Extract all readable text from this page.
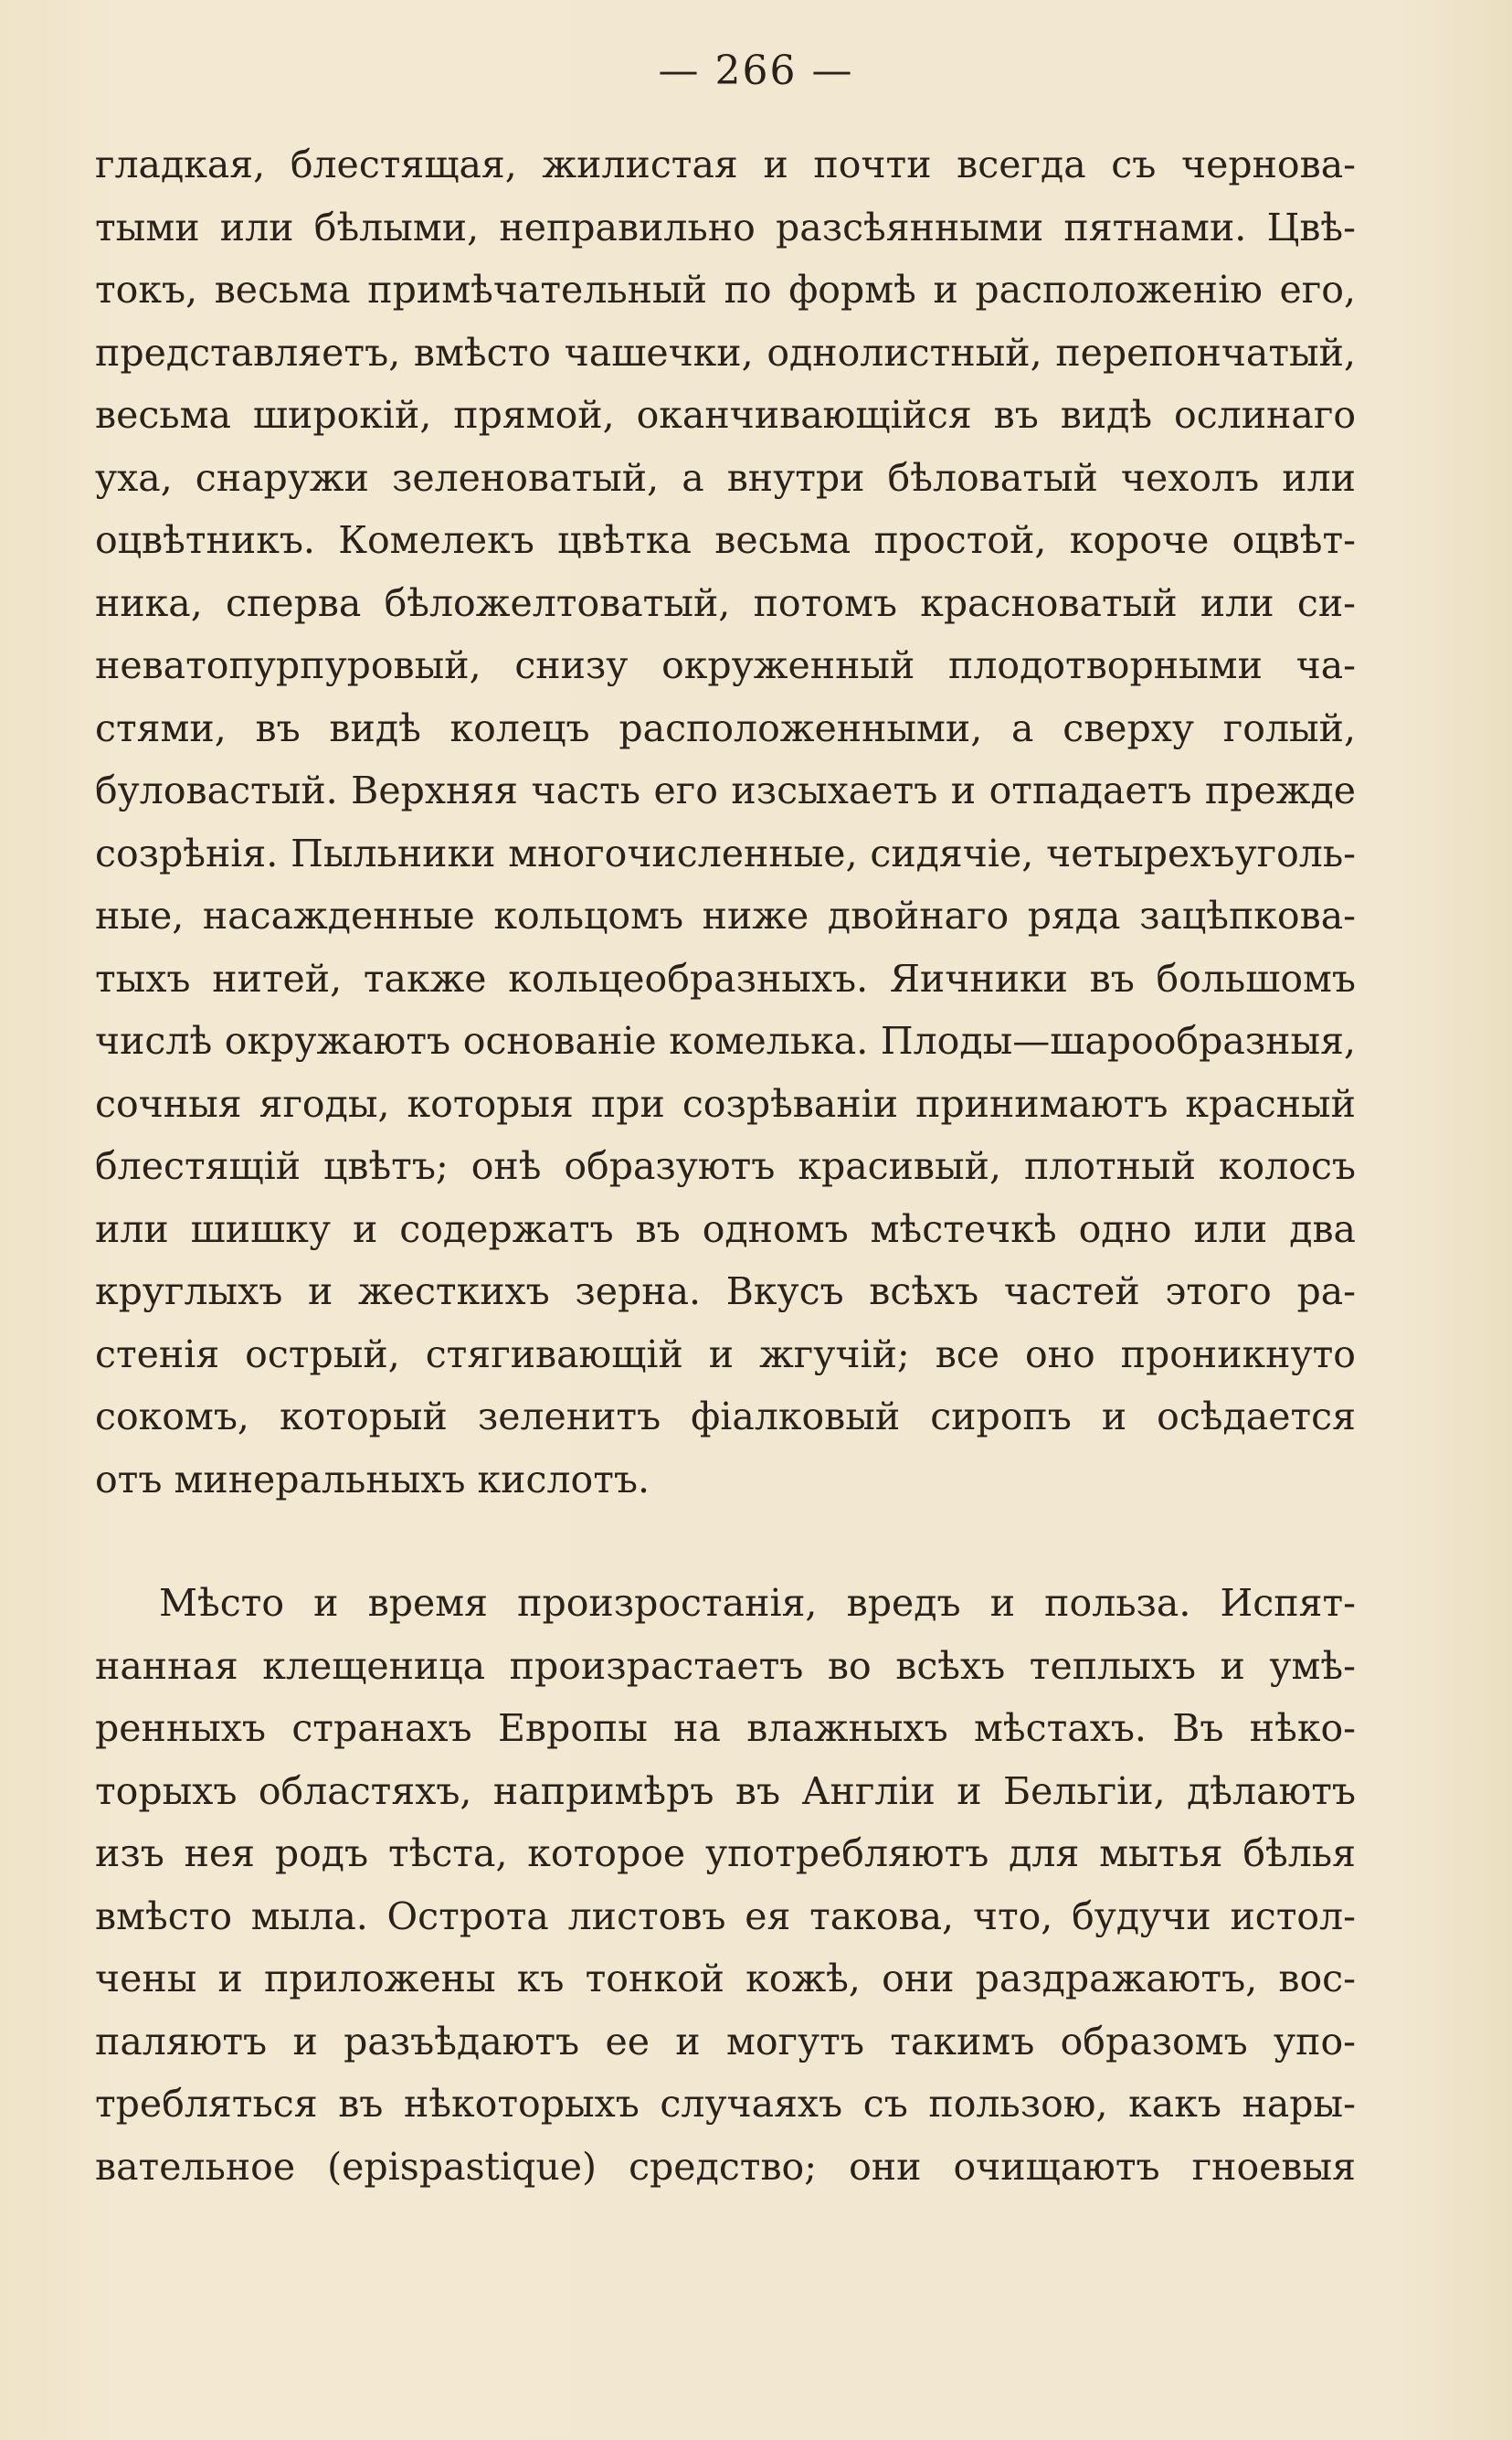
— 266 —
гладкая, блестящая, жилистая и почти всегда съ чернова-
тыми или бѣлыми, неправильно разсѣянными пятнами. Цвѣ-
токъ, весьма примѣчательный по формѣ и расположенію его,
представляетъ, вмѣсто чашечки, однолистный, перепончатый,
весьма широкій, прямой, оканчивающійся въ видѣ ослинаго
уха, снаружи зеленоватый, а внутри бѣловатый чехолъ или
оцвѣтникъ. Комелекъ цвѣтка весьма простой, короче оцвѣт-
ника, сперва бѣложелтоватый, потомъ красноватый или си-
неватопурпуровый, снизу окруженный плодотворными ча-
стями, въ видѣ колецъ расположенными, а сверху голый,
буловастый. Верхняя часть его изсыхаетъ и отпадаетъ прежде
созрѣнія. Пыльники многочисленные, сидячіе, четырехъуголь-
ные, насажденные кольцомъ ниже двойнаго ряда зацѣпкова-
тыхъ нитей, также кольцеобразныхъ. Яичники въ большомъ
числѣ окружаютъ основаніе комелька. Плоды—шарообразныя,
сочныя ягоды, которыя при созрѣваніи принимаютъ красный
блестящій цвѣтъ; онѣ образуютъ красивый, плотный колосъ
или шишку и содержатъ въ одномъ мѣстечкѣ одно или два
круглыхъ и жесткихъ зерна. Вкусъ всѣхъ частей этого ра-
стенія острый, стягивающій и жгучій; все оно проникнуто
сокомъ, который зеленитъ фіалковый сиропъ и осѣдается
отъ минеральныхъ кислотъ.
Мѣсто и время произростанія, вредъ и польза. Испят-
нанная клещеница произрастаетъ во всѣхъ теплыхъ и умѣ-
ренныхъ странахъ Европы на влажныхъ мѣстахъ. Въ нѣко-
торыхъ областяхъ, напримѣръ въ Англіи и Бельгіи, дѣлаютъ
изъ нея родъ тѣста, которое употребляютъ для мытья бѣлья
вмѣсто мыла. Острота листовъ ея такова, что, будучи истол-
чены и приложены къ тонкой кожѣ, они раздражаютъ, вос-
паляютъ и разъѣдаютъ ее и могутъ такимъ образомъ упо-
требляться въ нѣкоторыхъ случаяхъ съ пользою, какъ нары-
вательное (epispastique) средство; они очищаютъ гноевыя
